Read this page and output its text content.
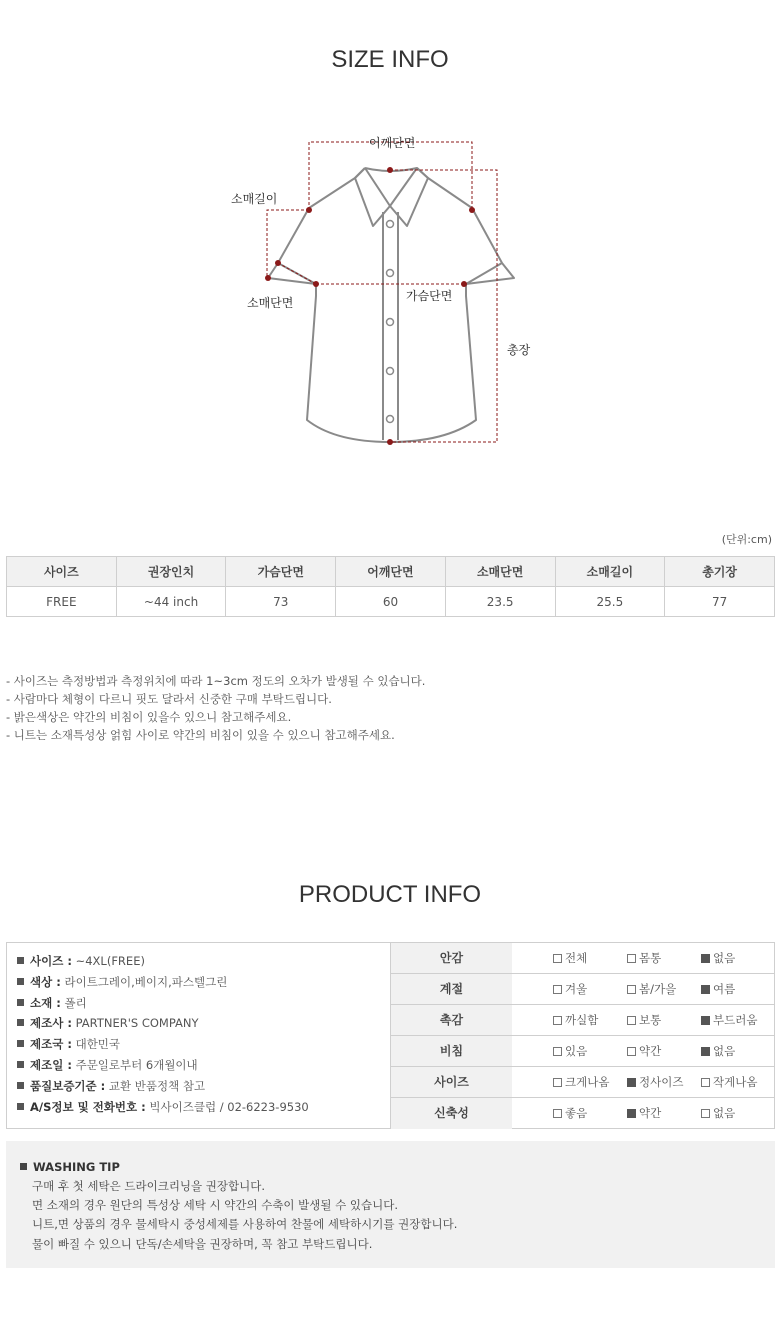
SIZE INFO
어깨단면
소매길이
소매단면	가슴단면
총장
(단위:cm)
사이즈	권장인치	가슴단면	어깨단면	소매단면	소매길이	총기장
FREE	~44 inch	73	60	23.5	25.5	77
- 사이즈는 측정방법과 측정위치에 따라 1~3cm 정도의 오차가 발생될 수 있습니다.
- 사람마다 체형이 다르니 핏도 달라서 신중한 구매 부탁드립니다.
- 밝은색상은 약간의 비침이 있을수 있으니 참고해주세요.
- 니트는 소재특성상 얽힘 사이로 약간의 비침이 있을 수 있으니 참고해주세요.
PRODUCT INFO
사이즈 : ~4XL(FREE)
색상 : 라이트그레이,베이지,파스텔그린
소재 : 폴리
제조사 : PARTNER'S COMPANY
제조국 : 대한민국
제조일 : 주문일로부터 6개월이내
품질보증기준 : 교환 반품정책 참고
A/S정보 및 전화번호 : 빅사이즈클럽 / 02-6223-9530
안감	전체	몸통	없음
계절	겨울	봄/가을	여름
촉감	까실함	보통	부드러움
비침	있음	약간	없음
사이즈	크게나옴	정사이즈	작게나옴
신축성	좋음	약간	없음
WASHING TIP
구매 후 첫 세탁은 드라이크리닝을 권장합니다.
면 소재의 경우 원단의 특성상 세탁 시 약간의 수축이 발생될 수 있습니다.
니트,면 상품의 경우 물세탁시 중성세제를 사용하여 찬물에 세탁하시기를 권장합니다.
물이 빠질 수 있으니 단독/손세탁을 권장하며, 꼭 참고 부탁드립니다.
